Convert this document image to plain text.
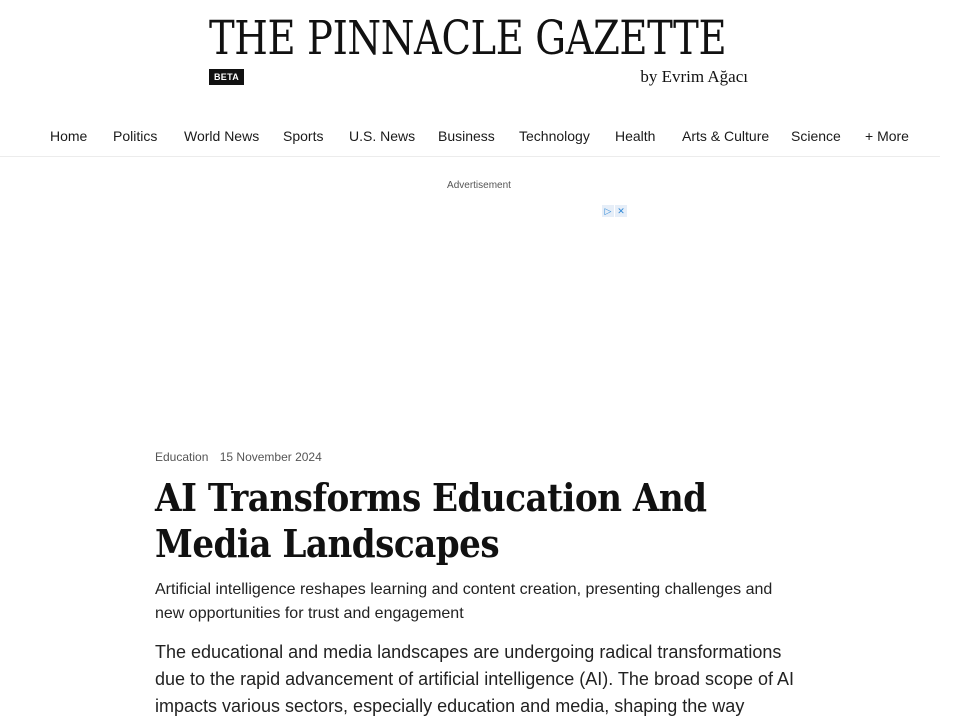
THE PINNACLE GAZETTE
BETA	by Evrim Ağacı
Home Politics World News Sports U.S. News Business Technology Health Arts & Culture Science + More
Advertisement
▷ ✕
Education 15 November 2024
AI Transforms Education And Media Landscapes

Artificial intelligence reshapes learning and content creation, presenting challenges and new opportunities for trust and engagement

The educational and media landscapes are undergoing radical transformations due to the rapid advancement of artificial intelligence (AI). The broad scope of AI impacts various sectors, especially education and media, shaping the way
